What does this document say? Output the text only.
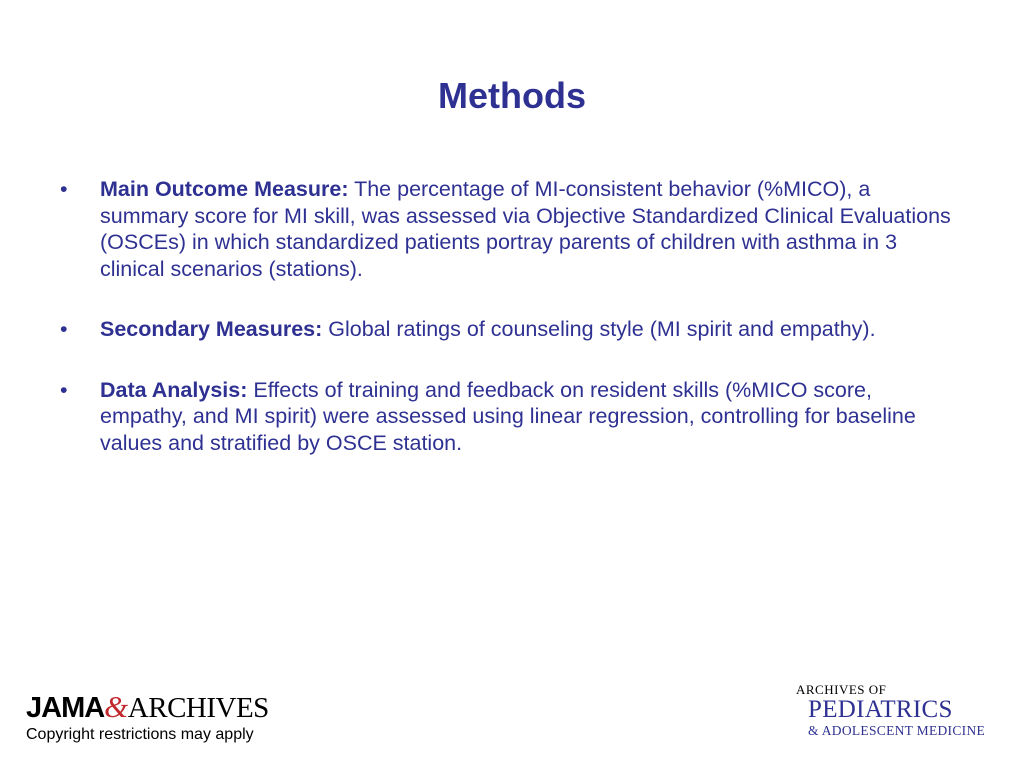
Methods
• Main Outcome Measure: The percentage of MI-consistent behavior (%MICO), a summary score for MI skill, was assessed via Objective Standardized Clinical Evaluations (OSCEs) in which standardized patients portray parents of children with asthma in 3 clinical scenarios (stations).
• Secondary Measures: Global ratings of counseling style (MI spirit and empathy).
• Data Analysis: Effects of training and feedback on resident skills (%MICO score, empathy, and MI spirit) were assessed using linear regression, controlling for baseline values and stratified by OSCE station.
JAMA&ARCHIVES
Copyright restrictions may apply
ARCHIVES OF
PEDIATRICS
& ADOLESCENT MEDICINE
